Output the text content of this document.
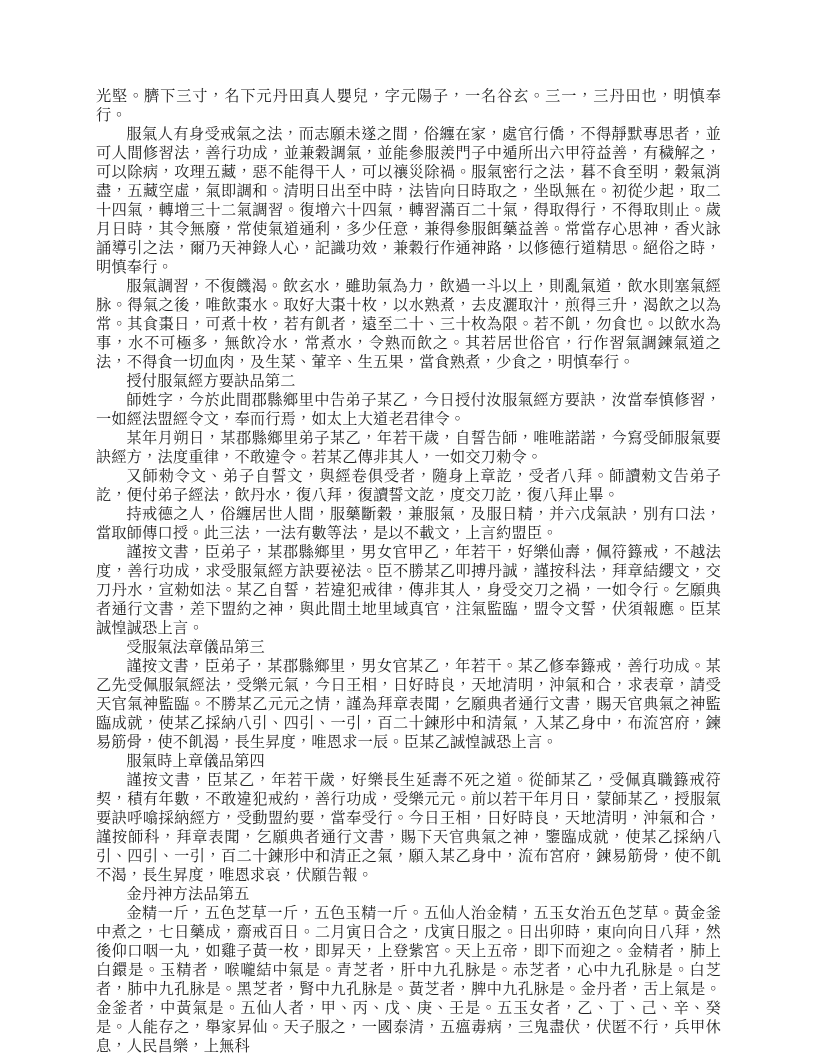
光堅。臍下三寸，名下元丹田真人嬰兒，字元陽子，一名谷玄。三一，三丹田也，明慎奉行。

服氣人有身受戒氣之法，而志願未遂之間，俗纏在家，處官行僑，不得靜默專思者，並可人間修習法，善行功成，並兼穀調氣，並能參服羨門子中遁所出六甲符益善，有穢解之，可以除病，攻理五藏，惡不能得干人，可以禳災除禍。服氣密行之法，暮不食至明，穀氣消盡，五藏空虛，氣即調和。清明日出至中時，法皆向日時取之，坐臥無在。初從少起，取二十四氣，轉增三十二氣調習。復增六十四氣，轉習滿百二十氣，得取得行，不得取則止。歲月日時，其令無廢，常使氣道通利，多少任意，兼得參服餌藥益善。常當存心思神，香火詠誦導引之法，爾乃天神錄人心，記識功效，兼穀行作通神路，以修德行道精思。絕俗之時，明慎奉行。

服氣調習，不復饑渴。飲玄水，雖助氣為力，飲過一斗以上，則亂氣道，飲水則塞氣經脉。得氣之後，唯飲棗水。取好大棗十枚，以水熟煮，去皮灑取汁，煎得三升，渴飲之以為常。其食棗日，可煮十枚，若有飢者，遠至二十、三十枚為限。若不飢，勿食也。以飲水為事，水不可極多，無飲冷水，常煮水，令熟而飲之。其若居世俗官，行作習氣調鍊氣道之法，不得食一切血肉，及生菜、葷辛、生五果，當食熟煮，少食之，明慎奉行。

授付服氣經方要訣品第二

師姓字，今於此間郡縣鄉里中告弟子某乙，今日授付汝服氣經方要訣，汝當奉慎修習，一如經法盟經令文，奉而行焉，如太上大道老君律令。

某年月朔日，某郡縣鄉里弟子某乙，年若干歲，自誓告師，唯唯諾諾，今寫受師服氣要訣經方，法度重律，不敢違令。若某乙傳非其人，一如交刀勑令。

又師勑令文、弟子自誓文，與經卷俱受者，隨身上章訖，受者八拜。師讀勑文告弟子訖，便付弟子經法，飲丹水，復八拜，復讀誓文訖，度交刀訖，復八拜止畢。

持戒德之人，俗纏居世人間，服藥斷穀，兼服氣，及服日精，并六戊氣訣，別有口法，當取師傳口授。此三法，一法有數等法，是以不載文，上言約盟臣。

謹按文書，臣弟子，某郡縣鄉里，男女官甲乙，年若干，好樂仙壽，佩符籙戒，不越法度，善行功成，求受服氣經方訣要祕法。臣不勝某乙叩搏丹誠，謹按科法，拜章結纓文，交刀丹水，宣勑如法。某乙自誓，若違犯戒律，傳非其人，身受交刀之禍，一如令行。乞願典者通行文書，差下盟約之神，與此間土地里域真官，注氣監臨，盟令文誓，伏須報應。臣某誠惶誠恐上言。

受服氣法章儀品第三

謹按文書，臣弟子，某郡縣鄉里，男女官某乙，年若干。某乙修奉籙戒，善行功成。某乙先受佩服氣經法，受樂元氣，今日王相，日好時良，天地清明，沖氣和合，求表章，請受天官氣神監臨。不勝某乙元元之情，謹為拜章表聞，乞願典者通行文書，賜天官典氣之神監臨成就，使某乙採納八引、四引、一引，百二十鍊形中和清氣，入某乙身中，布流宮府，鍊易筋骨，使不飢渴，長生昇度，唯恩求一辰。臣某乙誠惶誠恐上言。

服氣時上章儀品第四

謹按文書，臣某乙，年若干歲，好樂長生延壽不死之道。從師某乙，受佩真職籙戒符契，積有年數，不敢違犯戒約，善行功成，受樂元元。前以若干年月日，蒙師某乙，授服氣要訣呼噏採納經方，受動盟約要，當奉受行。今日王相，日好時良，天地清明，沖氣和合，謹按師科，拜章表聞，乞願典者通行文書，賜下天官典氣之神，鑒臨成就，使某乙採納八引、四引、一引，百二十鍊形中和清正之氣，願入某乙身中，流布宮府，鍊易筋骨，使不飢不渴，長生昇度，唯恩求哀，伏願告報。

金丹神方法品第五

金精一斤，五色芝草一斤，五色玉精一斤。五仙人治金精，五玉女治五色芝草。黃金釜中煮之，七日藥成，齋戒百日。二月寅日合之，戊寅日服之。日出卯時，東向向日八拜，然後仰口咽一丸，如雞子黃一枚，即昇天，上登紫宮。天上五帝，即下而迎之。金精者，肺上白鐶是。玉精者，喉嚨結中氣是。青芝者，肝中九孔脉是。赤芝者，心中九孔脉是。白芝者，肺中九孔脉是。黑芝者，腎中九孔脉是。黃芝者，脾中九孔脉是。金丹者，舌上氣是。金釜者，中黃氣是。五仙人者，甲、丙、戊、庚、壬是。五玉女者，乙、丁、己、辛、癸是。人能存之，舉家昇仙。天子服之，一國泰清，五瘟毒病，三鬼盡伏，伏匿不行，兵甲休息，人民昌樂，上無科
